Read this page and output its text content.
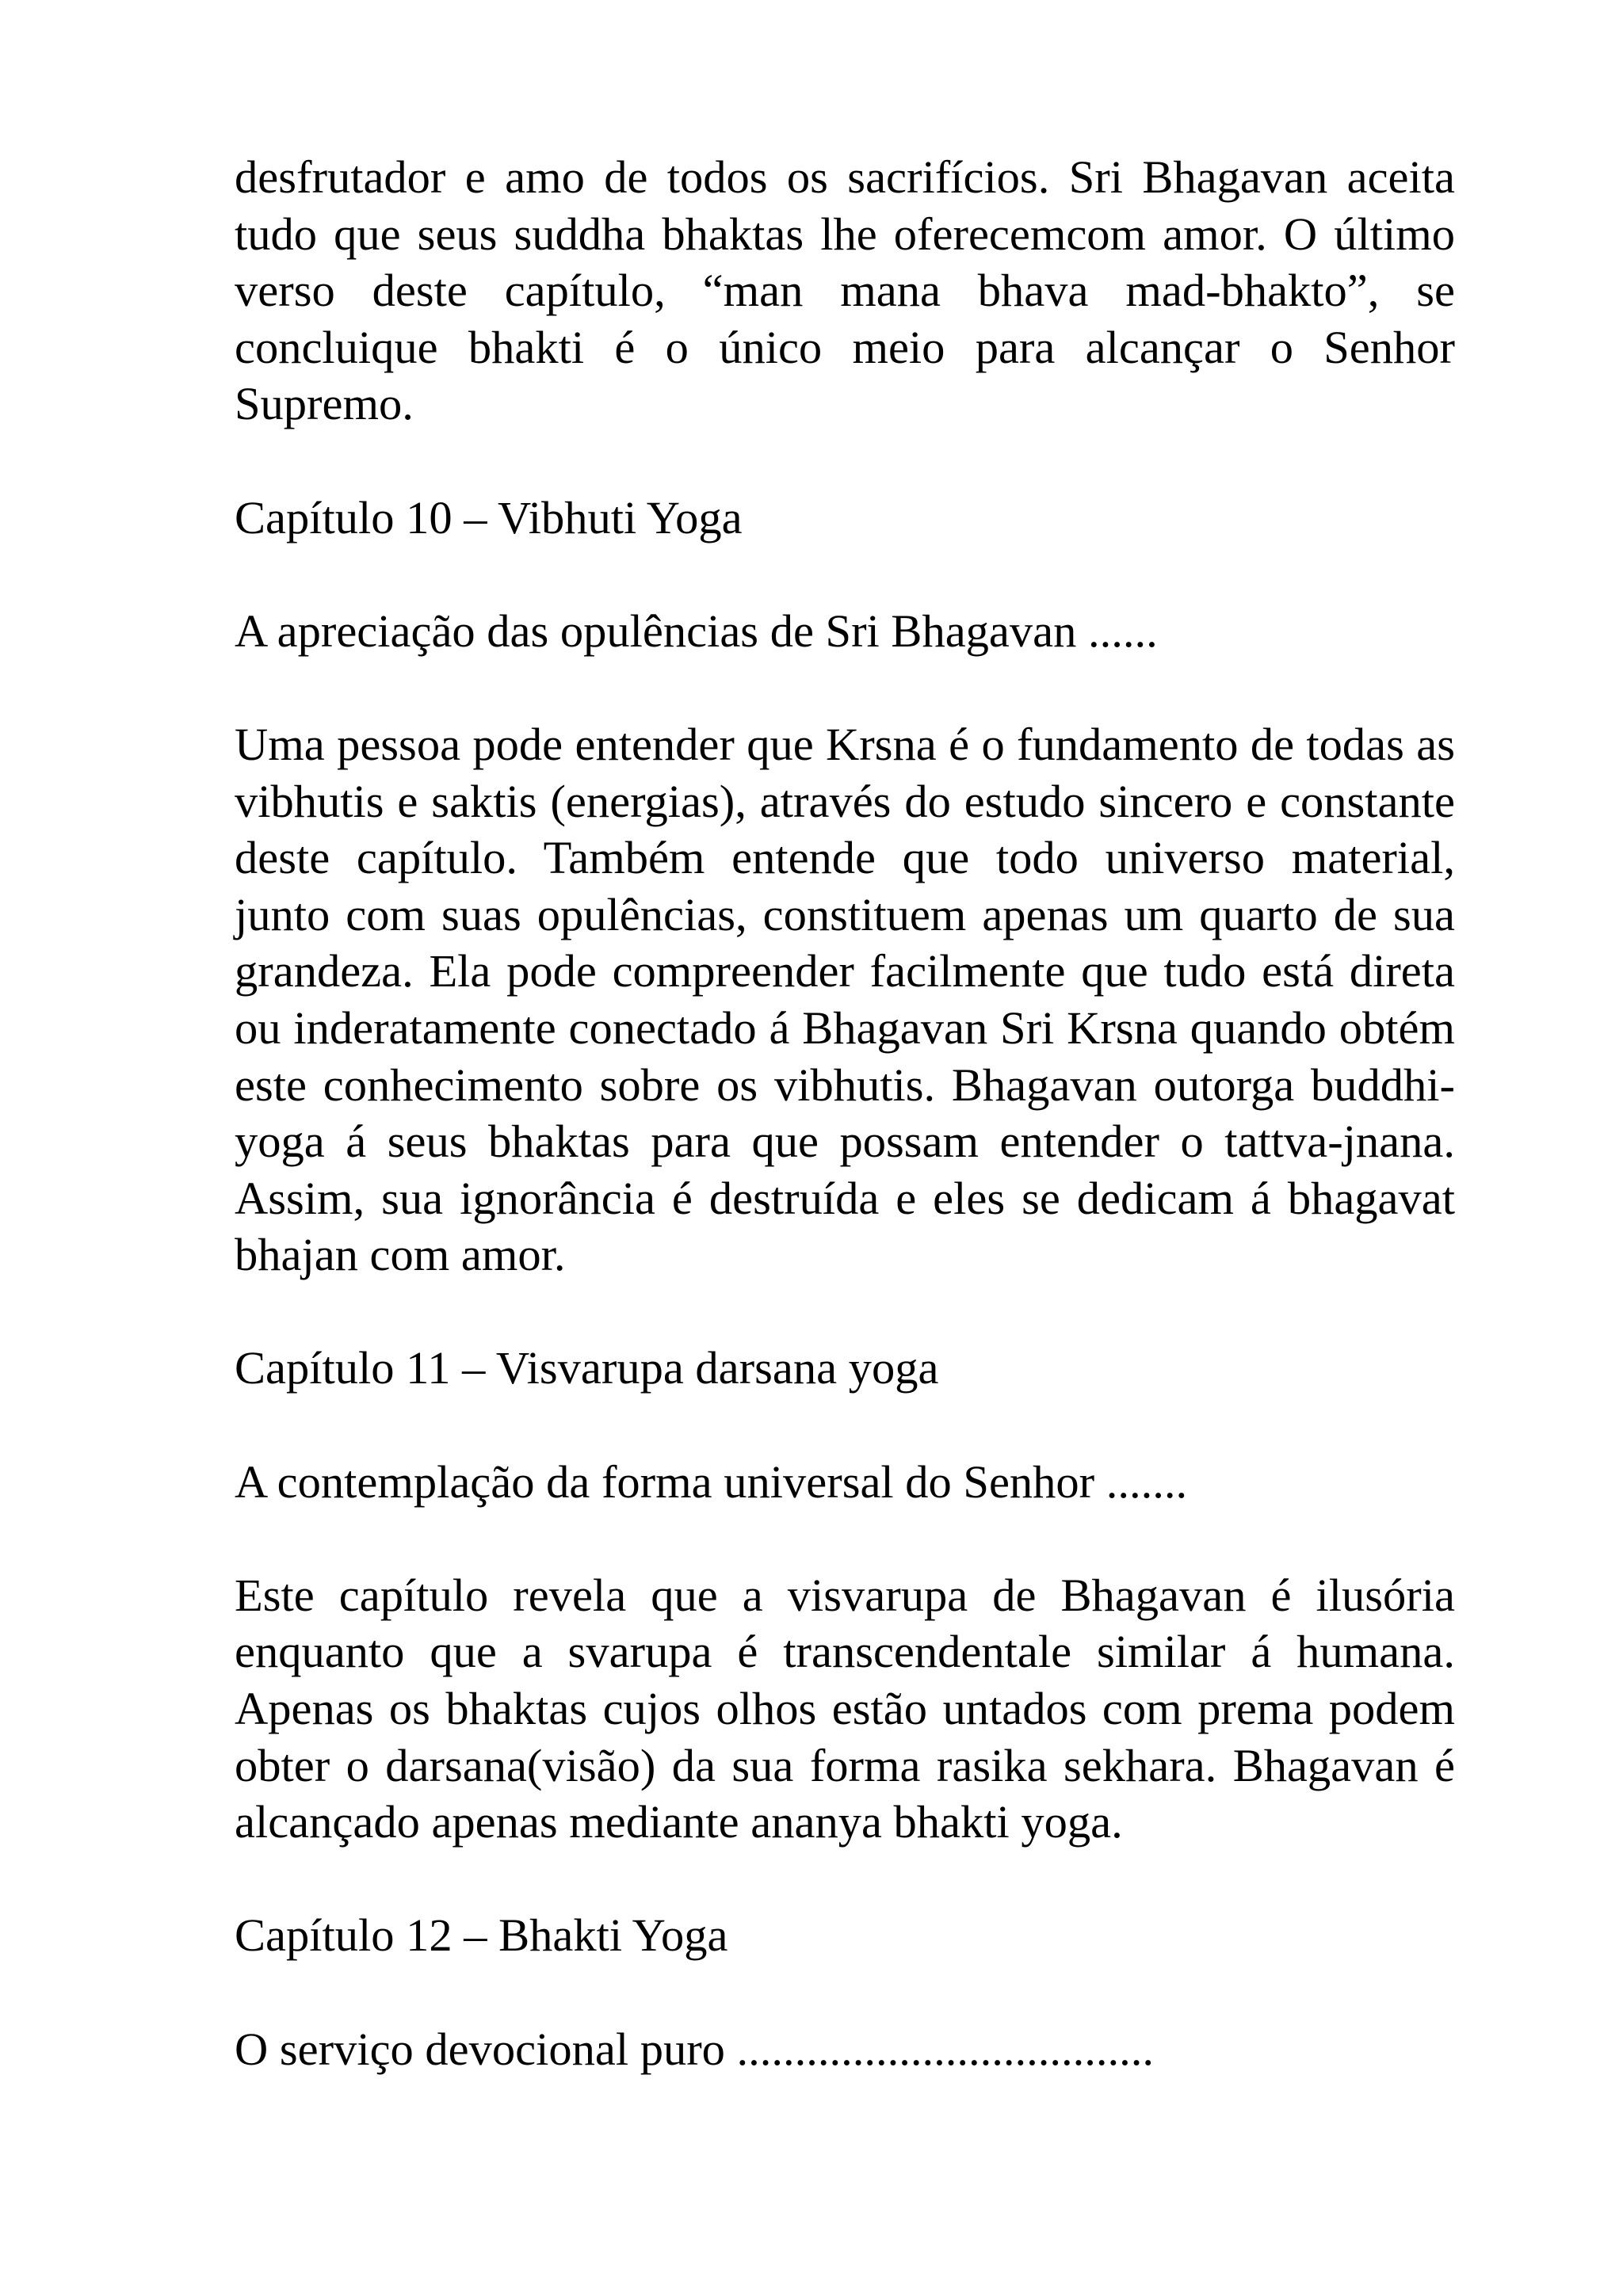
desfrutador e amo de todos os sacrifícios. Sri Bhagavan aceita tudo que seus suddha bhaktas lhe oferecemcom amor. O último verso deste capítulo, “man mana bhava mad-bhakto”, se concluique bhakti é o único meio para alcançar o Senhor Supremo.

Capítulo 10 – Vibhuti Yoga

A apreciação das opulências de Sri Bhagavan ......

Uma pessoa pode entender que Krsna é o fundamento de todas as vibhutis e saktis (energias), através do estudo sincero e constante deste capítulo. Também entende que todo universo material, junto com suas opulências, constituem apenas um quarto de sua grandeza. Ela pode compreender facilmente que tudo está direta ou inderatamente conectado á Bhagavan Sri Krsna quando obtém este conhecimento sobre os vibhutis. Bhagavan outorga buddhi-yoga á seus bhaktas para que possam entender o tattva-jnana. Assim, sua ignorância é destruída e eles se dedicam á bhagavat bhajan com amor.

Capítulo 11 – Visvarupa darsana yoga

A contemplação da forma universal do Senhor .......

Este capítulo revela que a visvarupa de Bhagavan é ilusória enquanto que a svarupa é transcendentale similar á humana. Apenas os bhaktas cujos olhos estão untados com prema podem obter o darsana(visão) da sua forma rasika sekhara. Bhagavan é alcançado apenas mediante ananya bhakti yoga.

Capítulo 12 – Bhakti Yoga

O serviço devocional puro ....................................
